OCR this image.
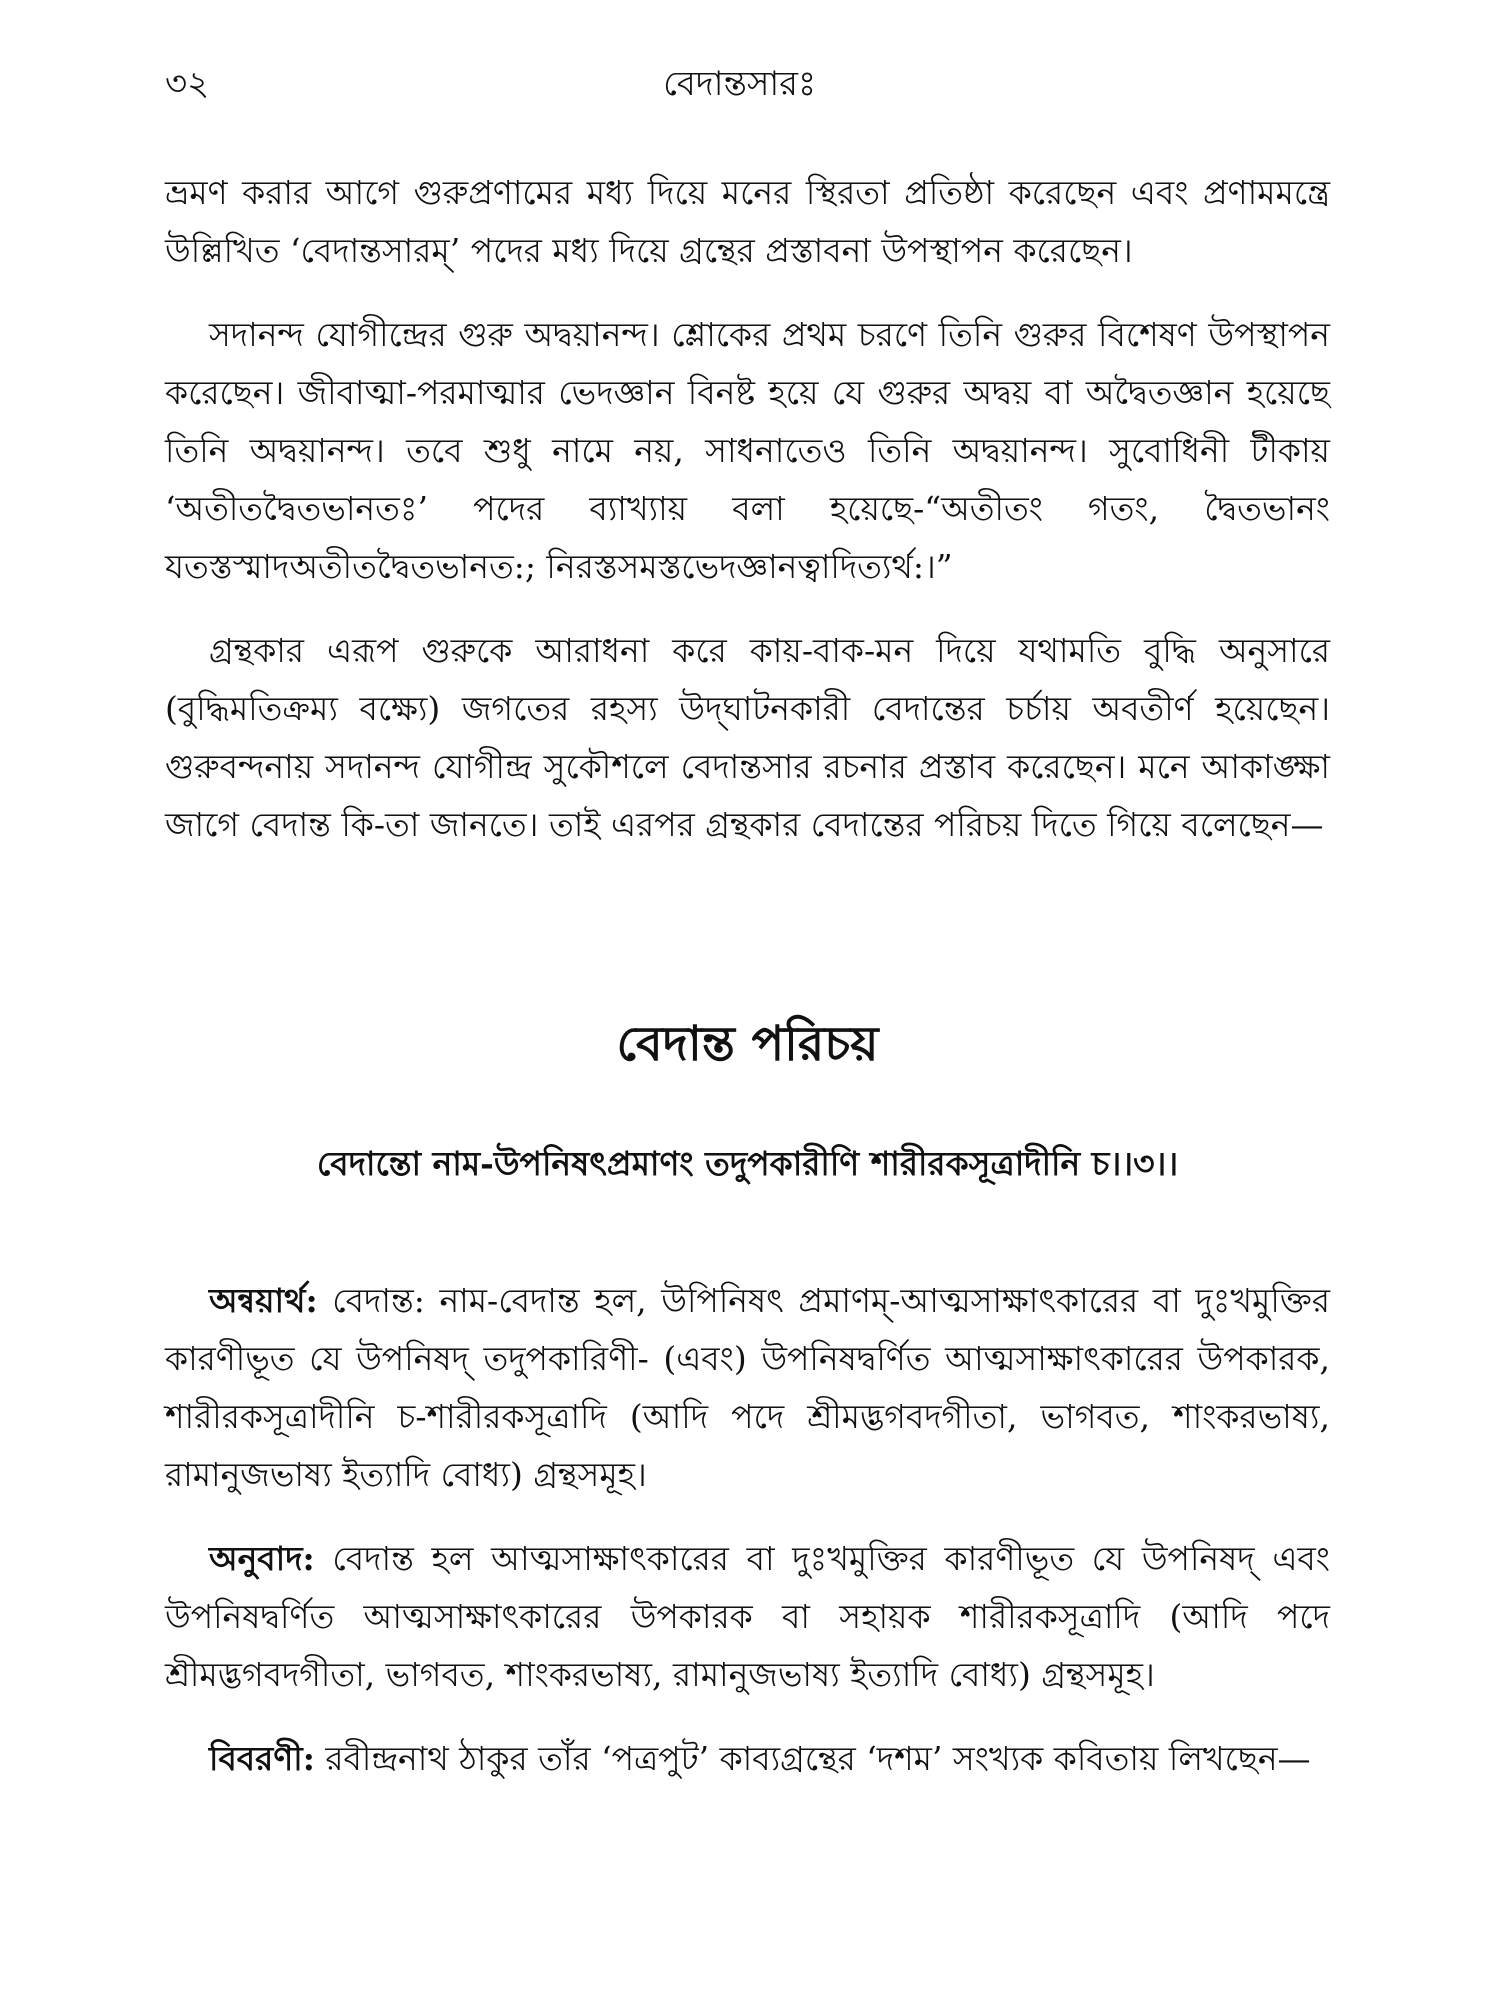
৩২	বেদান্তসারঃ

ভ্রমণ করার আগে গুরুপ্রণামের মধ্য দিয়ে মনের স্থিরতা প্রতিষ্ঠা করেছেন এবং প্রণামমন্ত্রে উল্লিখিত ‘বেদান্তসারম্’ পদের মধ্য দিয়ে গ্রন্থের প্রস্তাবনা উপস্থাপন করেছেন।

সদানন্দ যোগীন্দ্রের গুরু অদ্বয়ানন্দ। শ্লোকের প্রথম চরণে তিনি গুরুর বিশেষণ উপস্থাপন করেছেন। জীবাত্মা-পরমাত্মার ভেদজ্ঞান বিনষ্ট হয়ে যে গুরুর অদ্বয় বা অদ্বৈতজ্ঞান হয়েছে তিনি অদ্বয়ানন্দ। তবে শুধু নামে নয়, সাধনাতেও তিনি অদ্বয়ানন্দ। সুবোধিনী টীকায় ‘অতীতদ্বৈতভানতঃ’ পদের ব্যাখ্যায় বলা হয়েছে-“অতীতং গতং, দ্বৈতভানং যতস্তস্মাদঅতীতদ্বৈতভানত:; নিরস্তসমস্তভেদজ্ঞানত্বাদিত্যর্থ:।”

গ্রন্থকার এরূপ গুরুকে আরাধনা করে কায়-বাক-মন দিয়ে যথামতি বুদ্ধি অনুসারে (বুদ্ধিমতিক্রম্য বক্ষ্যে) জগতের রহস্য উদ্‌ঘাটনকারী বেদান্তের চর্চায় অবতীর্ণ হয়েছেন। গুরুবন্দনায় সদানন্দ যোগীন্দ্র সুকৌশলে বেদান্তসার রচনার প্রস্তাব করেছেন। মনে আকাঙ্ক্ষা জাগে বেদান্ত কি-তা জানতে। তাই এরপর গ্রন্থকার বেদান্তের পরিচয় দিতে গিয়ে বলেছেন—

বেদান্ত পরিচয়
বেদান্তো নাম-উপনিষৎপ্রমাণং তদুপকারীণি শারীরকসূত্রাদীনি চ।।৩।।

অন্বয়ার্থ: বেদান্ত: নাম-বেদান্ত হল, উপিনিষৎ প্রমাণম্-আত্মসাক্ষাৎকারের বা দুঃখমুক্তির কারণীভূত যে উপনিষদ্ তদুপকারিণী- (এবং) উপনিষদ্বর্ণিত আত্মসাক্ষাৎকারের উপকারক, শারীরকসূত্রাদীনি চ-শারীরকসূত্রাদি (আদি পদে শ্রীমদ্ভগবদগীতা, ভাগবত, শাংকরভাষ্য, রামানুজভাষ্য ইত্যাদি বোধ্য) গ্রন্থসমূহ।

অনুবাদ: বেদান্ত হল আত্মসাক্ষাৎকারের বা দুঃখমুক্তির কারণীভূত যে উপনিষদ্ এবং উপনিষদ্বর্ণিত আত্মসাক্ষাৎকারের উপকারক বা সহায়ক শারীরকসূত্রাদি (আদি পদে শ্রীমদ্ভগবদগীতা, ভাগবত, শাংকরভাষ্য, রামানুজভাষ্য ইত্যাদি বোধ্য) গ্রন্থসমূহ।

বিবরণী: রবীন্দ্রনাথ ঠাকুর তাঁর ‘পত্রপুট’ কাব্যগ্রন্থের ‘দশম’ সংখ্যক কবিতায় লিখছেন—
